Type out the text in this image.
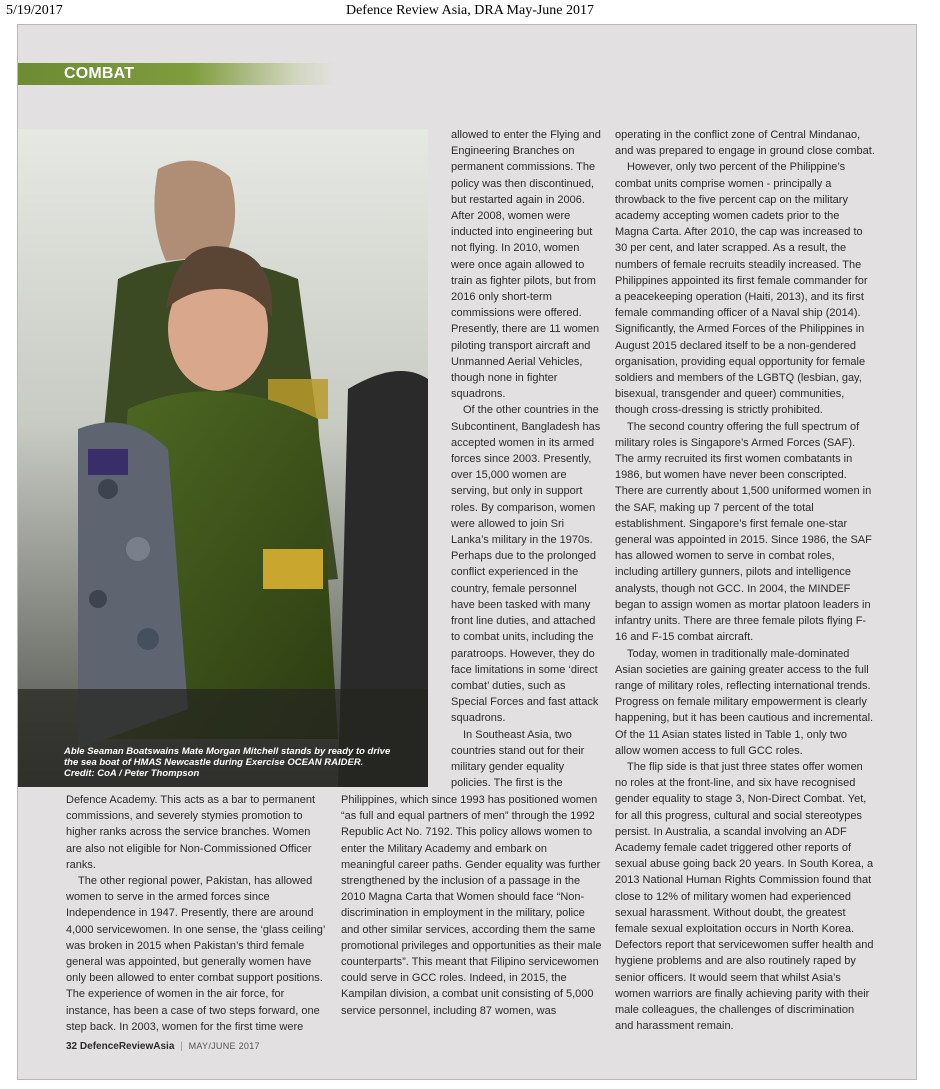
5/19/2017	Defence Review Asia, DRA May-June 2017
COMBAT
Able Seaman Boatswains Mate Morgan Mitchell stands by ready to drive
the sea boat of HMAS Newcastle during Exercise OCEAN RAIDER.
Credit: CoA / Peter Thompson

allowed to enter the Flying and Engineering Branches on permanent commissions. The policy was then discontinued, but restarted again in 2006. After 2008, women were inducted into engineering but not flying. In 2010, women were once again allowed to train as fighter pilots, but from 2016 only short-term commissions were offered. Presently, there are 11 women piloting transport aircraft and Unmanned Aerial Vehicles, though none in fighter squadrons.

Of the other countries in the Subcontinent, Bangladesh has accepted women in its armed forces since 2003. Presently, over 15,000 women are serving, but only in support roles. By comparison, women were allowed to join Sri Lanka’s military in the 1970s. Perhaps due to the prolonged conflict experienced in the country, female personnel have been tasked with many front line duties, and attached to combat units, including the paratroops. However, they do face limitations in some ‘direct combat’ duties, such as Special Forces and fast attack squadrons.

In Southeast Asia, two countries stand out for their military gender equality policies. The first is the

operating in the conflict zone of Central Mindanao, and was prepared to engage in ground close combat.

However, only two percent of the Philippine’s combat units comprise women - principally a throwback to the five percent cap on the military academy accepting women cadets prior to the Magna Carta. After 2010, the cap was increased to 30 per cent, and later scrapped. As a result, the numbers of female recruits steadily increased. The Philippines appointed its first female commander for a peacekeeping operation (Haiti, 2013), and its first female commanding officer of a Naval ship (2014). Significantly, the Armed Forces of the Philippines in August 2015 declared itself to be a non-gendered organisation, providing equal opportunity for female soldiers and members of the LGBTQ (lesbian, gay, bisexual, transgender and queer) communities, though cross-dressing is strictly prohibited.

The second country offering the full spectrum of military roles is Singapore’s Armed Forces (SAF). The army recruited its first women combatants in 1986, but women have never been conscripted. There are currently about 1,500 uniformed women in the SAF, making up 7 percent of the total establishment. Singapore’s first female one-star general was appointed in 2015. Since 1986, the SAF has allowed women to serve in combat roles, including artillery gunners, pilots and intelligence analysts, though not GCC. In 2004, the MINDEF began to assign women as mortar platoon leaders in infantry units. There are three female pilots flying F-16 and F-15 combat aircraft.

Today, women in traditionally male-dominated Asian societies are gaining greater access to the full range of military roles, reflecting international trends. Progress on female military empowerment is clearly happening, but it has been cautious and incremental. Of the 11 Asian states listed in Table 1, only two allow women access to full GCC roles.

The flip side is that just three states offer women no roles at the front-line, and six have recognised gender equality to stage 3, Non-Direct Combat. Yet, for all this progress, cultural and social stereotypes persist. In Australia, a scandal involving an ADF Academy female cadet triggered other reports of sexual abuse going back 20 years. In South Korea, a 2013 National Human Rights Commission found that close to 12% of military women had experienced sexual harassment. Without doubt, the greatest female sexual exploitation occurs in North Korea. Defectors report that servicewomen suffer health and hygiene problems and are also routinely raped by senior officers. It would seem that whilst Asia’s women warriors are finally achieving parity with their male colleagues, the challenges of discrimination and harassment remain.

Defence Academy. This acts as a bar to permanent commissions, and severely stymies promotion to higher ranks across the service branches. Women are also not eligible for Non-Commissioned Officer ranks.

The other regional power, Pakistan, has allowed women to serve in the armed forces since Independence in 1947. Presently, there are around 4,000 servicewomen. In one sense, the ‘glass ceiling’ was broken in 2015 when Pakistan’s third female general was appointed, but generally women have only been allowed to enter combat support positions. The experience of women in the air force, for instance, has been a case of two steps forward, one step back. In 2003, women for the first time were

Philippines, which since 1993 has positioned women “as full and equal partners of men” through the 1992 Republic Act No. 7192. This policy allows women to enter the Military Academy and embark on meaningful career paths. Gender equality was further strengthened by the inclusion of a passage in the 2010 Magna Carta that Women should face “Non-discrimination in employment in the military, police and other similar services, according them the same promotional privileges and opportunities as their male counterparts”. This meant that Filipino servicewomen could serve in GCC roles. Indeed, in 2015, the Kampilan division, a combat unit consisting of 5,000 service personnel, including 87 women, was

32 DefenceReviewAsia | MAY/JUNE 2017
